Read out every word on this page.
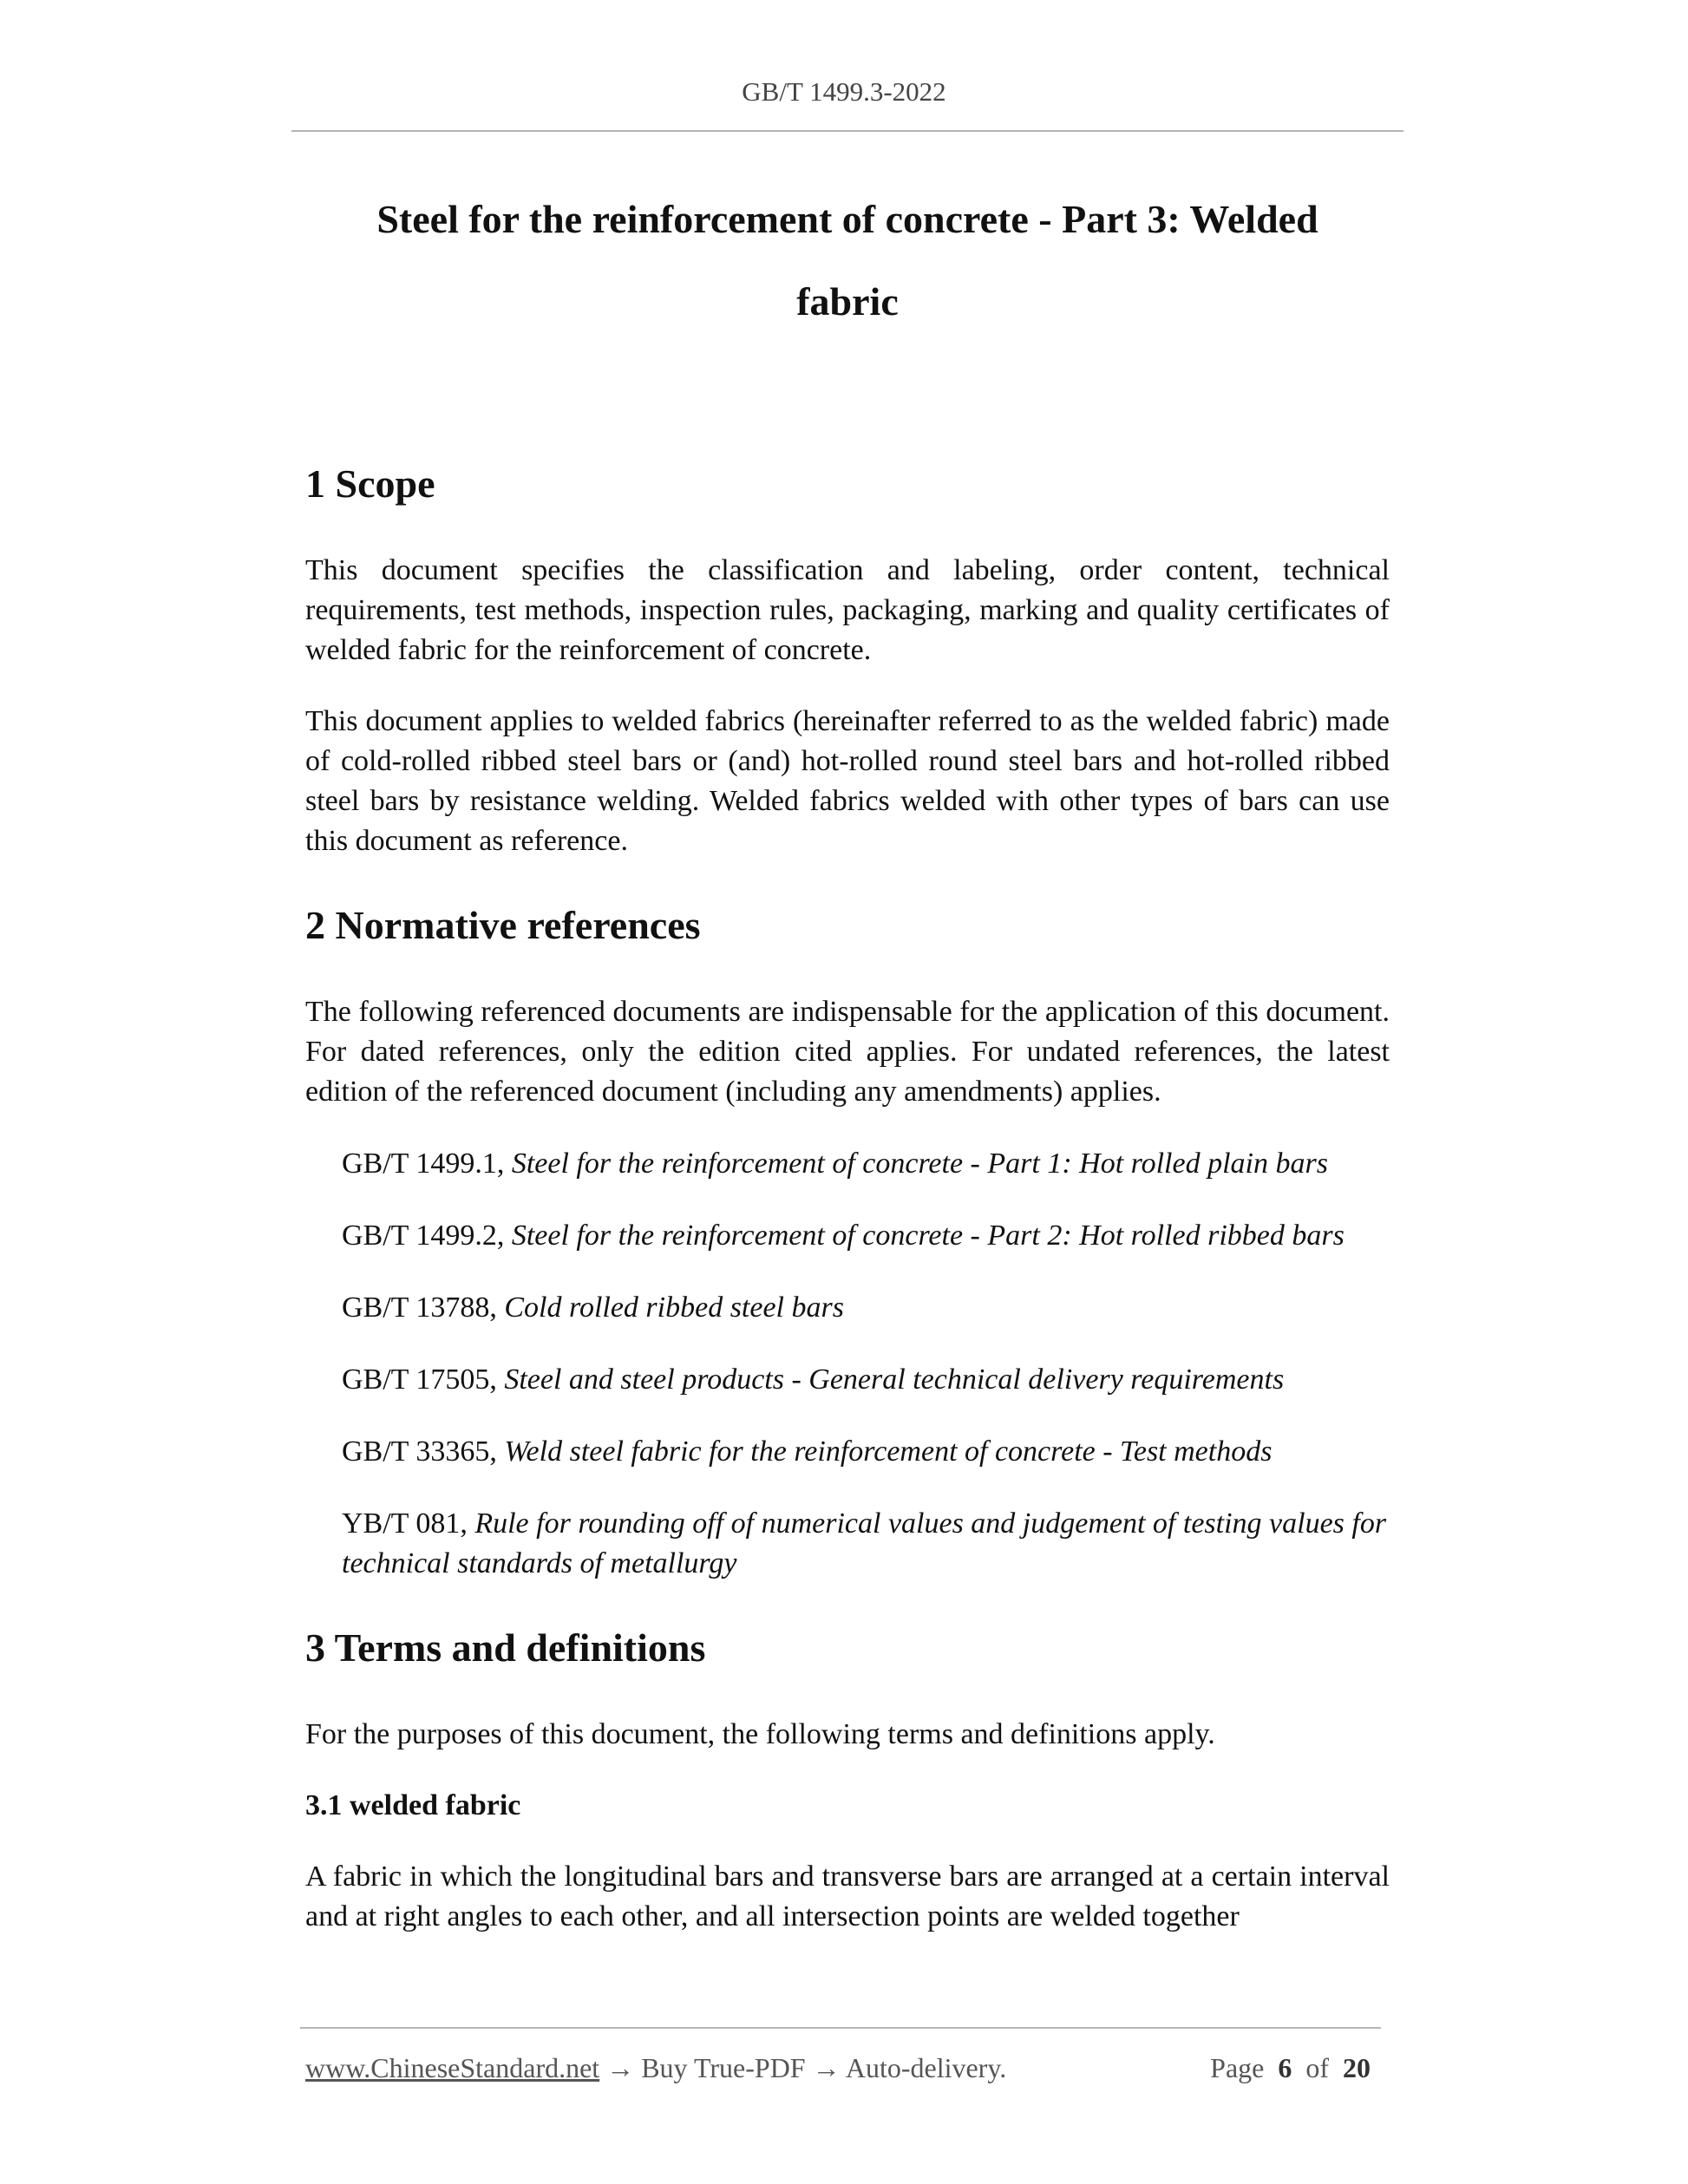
GB/T 1499.3-2022
Steel for the reinforcement of concrete - Part 3: Welded
fabric
1 Scope

This document specifies the classification and labeling, order content, technical requirements, test methods, inspection rules, packaging, marking and quality certificates of welded fabric for the reinforcement of concrete.

This document applies to welded fabrics (hereinafter referred to as the welded fabric) made of cold-rolled ribbed steel bars or (and) hot-rolled round steel bars and hot-rolled ribbed steel bars by resistance welding. Welded fabrics welded with other types of bars can use this document as reference.

2 Normative references

The following referenced documents are indispensable for the application of this document. For dated references, only the edition cited applies. For undated references, the latest edition of the referenced document (including any amendments) applies.

GB/T 1499.1, Steel for the reinforcement of concrete - Part 1: Hot rolled plain bars
GB/T 1499.2, Steel for the reinforcement of concrete - Part 2: Hot rolled ribbed bars
GB/T 13788, Cold rolled ribbed steel bars
GB/T 17505, Steel and steel products - General technical delivery requirements
GB/T 33365, Weld steel fabric for the reinforcement of concrete - Test methods
YB/T 081, Rule for rounding off of numerical values and judgement of testing values for technical standards of metallurgy
3 Terms and definitions

For the purposes of this document, the following terms and definitions apply.

3.1 welded fabric

A fabric in which the longitudinal bars and transverse bars are arranged at a certain interval and at right angles to each other, and all intersection points are welded together

www.ChineseStandard.net → Buy True-PDF → Auto-delivery.	Page 6 of 20
